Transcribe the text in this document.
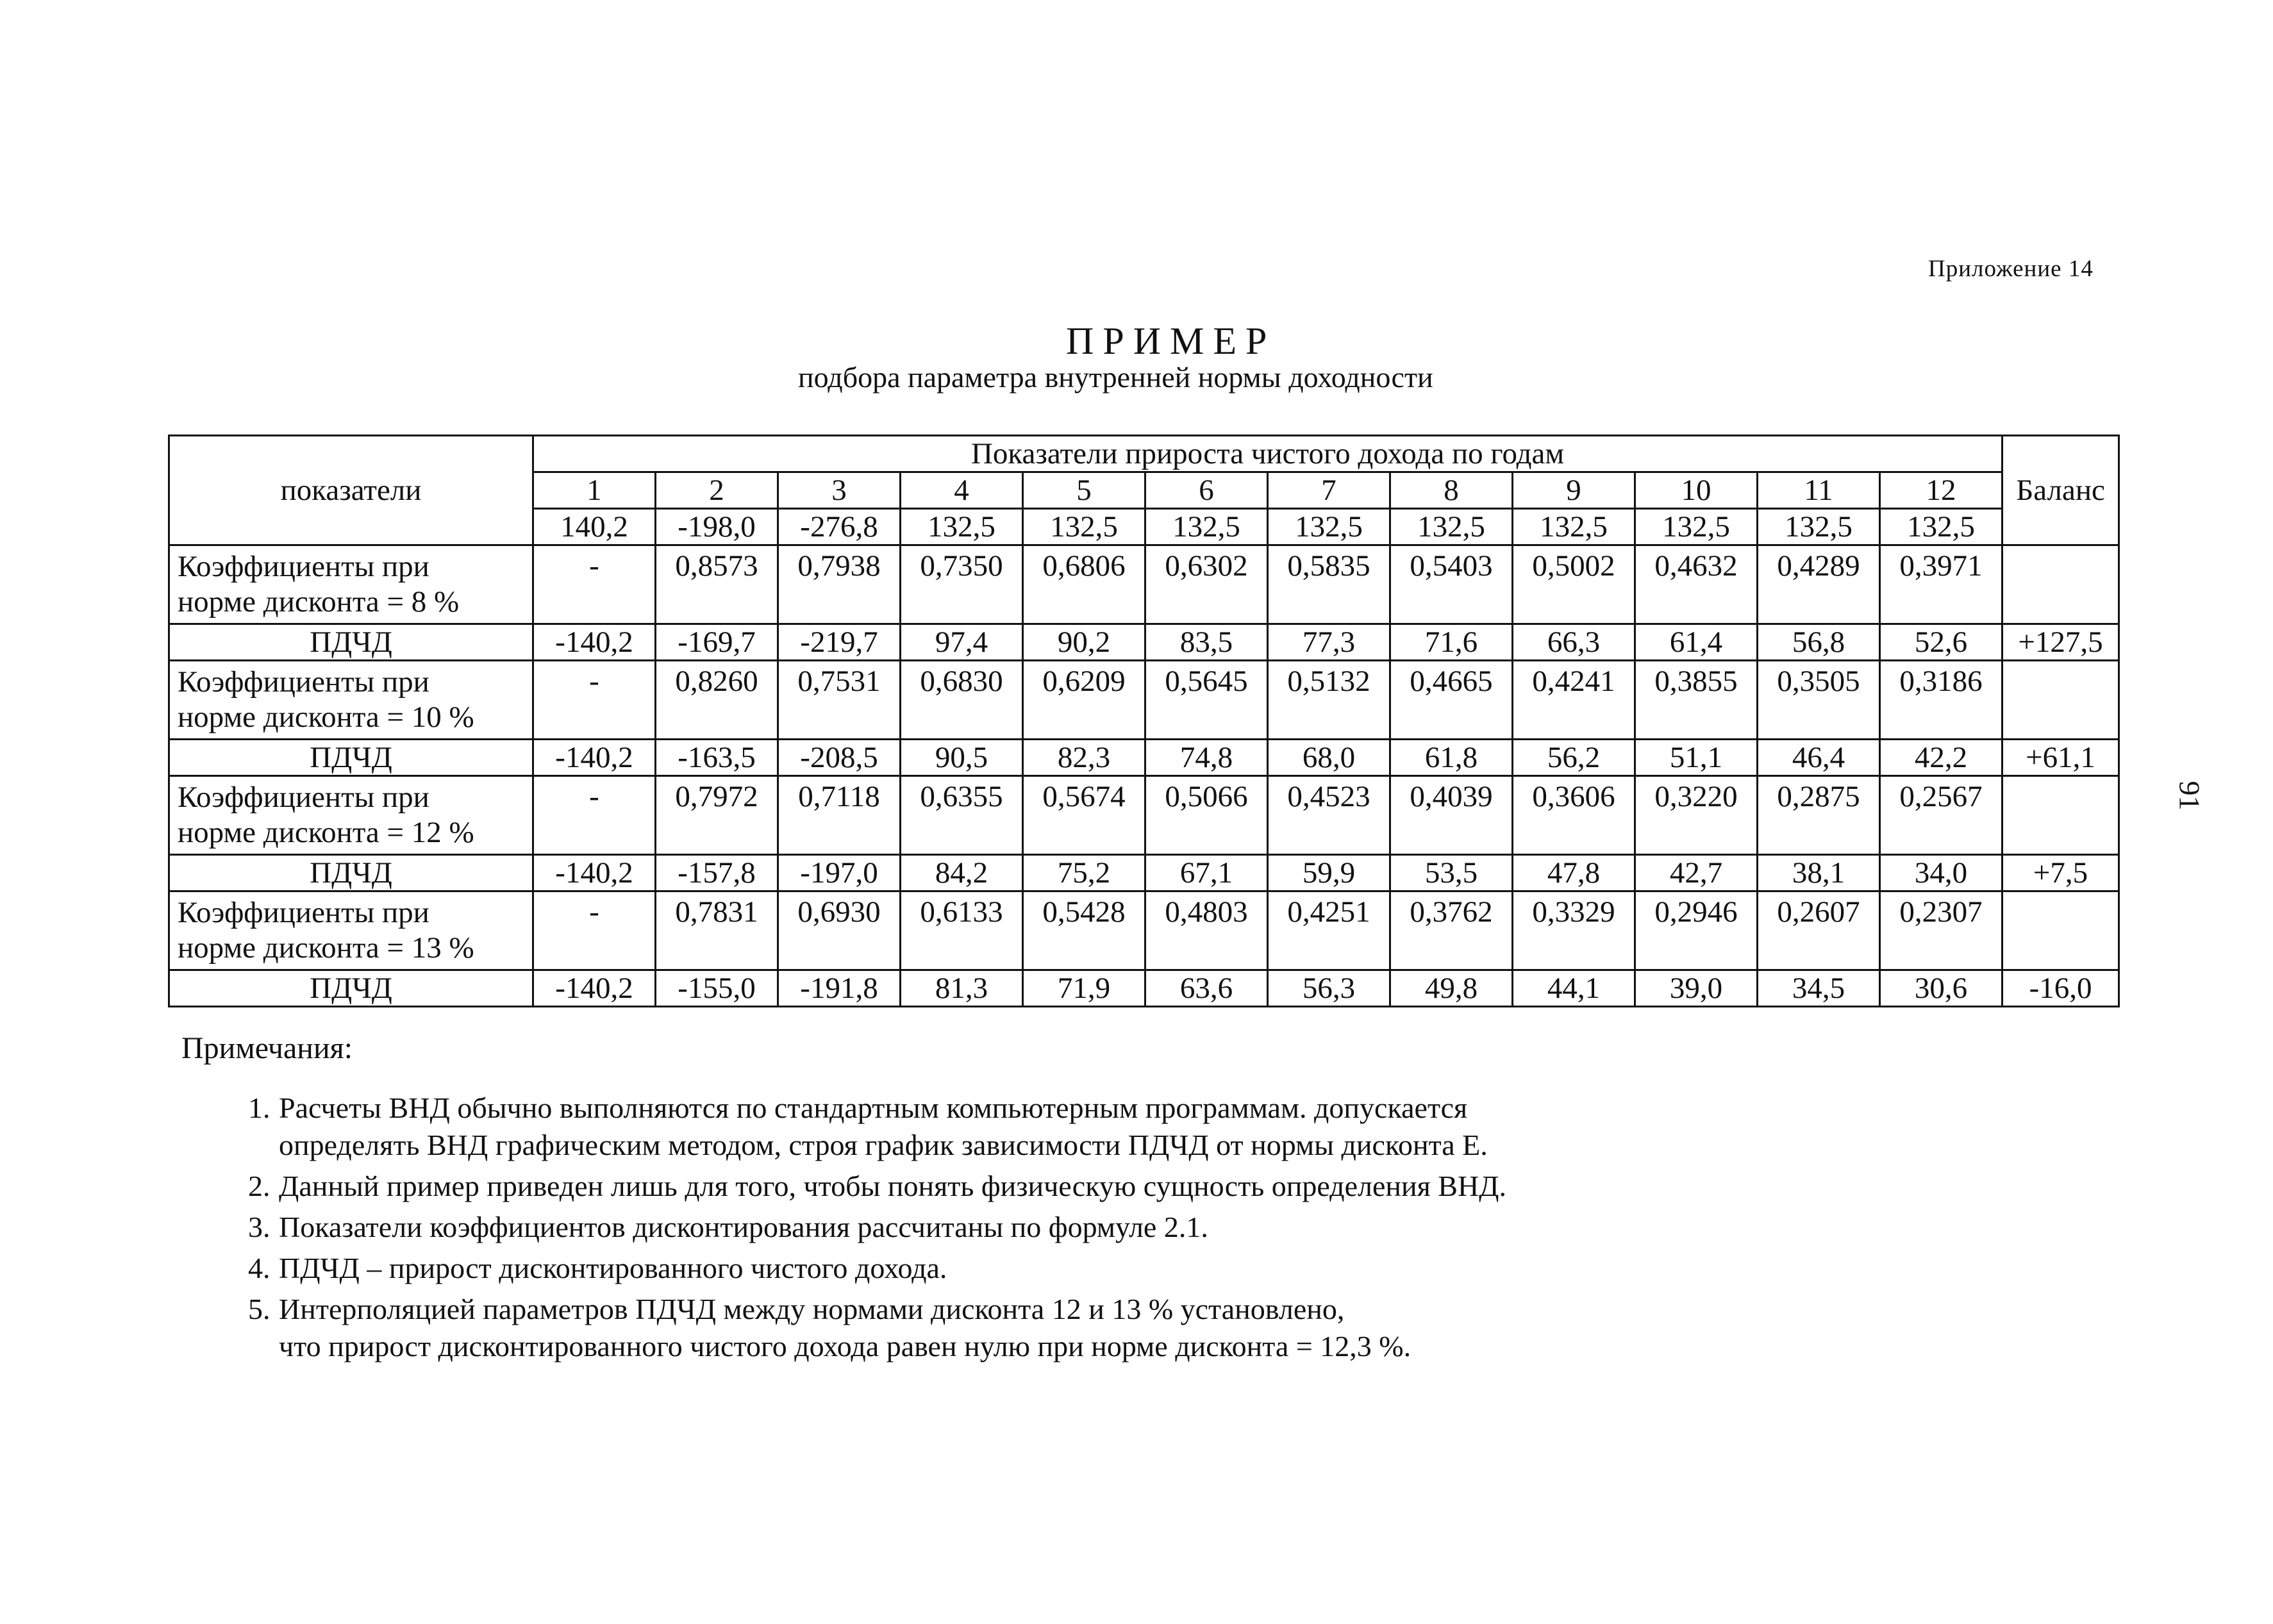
Приложение 14
ПРИМЕР
подбора параметра внутренней нормы доходности
91
показатели	Показатели прироста чистого дохода по годам												Баланс
	1	2	3	4	5	6	7	8	9	10	11	12	
	140,2	-198,0	-276,8	132,5	132,5	132,5	132,5	132,5	132,5	132,5	132,5	132,5	

Коэффициенты при
норме дисконта = 8 %	-	0,8573	0,7938	0,7350	0,6806	0,6302	0,5835	0,5403	0,5002	0,4632	0,4289	0,3971	
ПДЧД	-140,2	-169,7	-219,7	97,4	90,2	83,5	77,3	71,6	66,3	61,4	56,8	52,6	+127,5

Коэффициенты при
норме дисконта = 10 %	-	0,8260	0,7531	0,6830	0,6209	0,5645	0,5132	0,4665	0,4241	0,3855	0,3505	0,3186	
ПДЧД	-140,2	-163,5	-208,5	90,5	82,3	74,8	68,0	61,8	56,2	51,1	46,4	42,2	+61,1

Коэффициенты при
норме дисконта = 12 %	-	0,7972	0,7118	0,6355	0,5674	0,5066	0,4523	0,4039	0,3606	0,3220	0,2875	0,2567	
ПДЧД	-140,2	-157,8	-197,0	84,2	75,2	67,1	59,9	53,5	47,8	42,7	38,1	34,0	+7,5

Коэффициенты при
норме дисконта = 13 %	-	0,7831	0,6930	0,6133	0,5428	0,4803	0,4251	0,3762	0,3329	0,2946	0,2607	0,2307	
ПДЧД	-140,2	-155,0	-191,8	81,3	71,9	63,6	56,3	49,8	44,1	39,0	34,5	30,6	-16,0
Примечания:
1. Расчеты ВНД обычно выполняются по стандартным компьютерным программам. допускается
определять ВНД графическим методом, строя график зависимости ПДЧД от нормы дисконта Е.
2. Данный пример приведен лишь для того, чтобы понять физическую сущность определения ВНД.
3. Показатели коэффициентов дисконтирования рассчитаны по формуле 2.1.
4. ПДЧД – прирост дисконтированного чистого дохода.
5. Интерполяцией параметров ПДЧД между нормами дисконта 12 и 13 % установлено,
что прирост дисконтированного чистого дохода равен нулю при норме дисконта = 12,3 %.
